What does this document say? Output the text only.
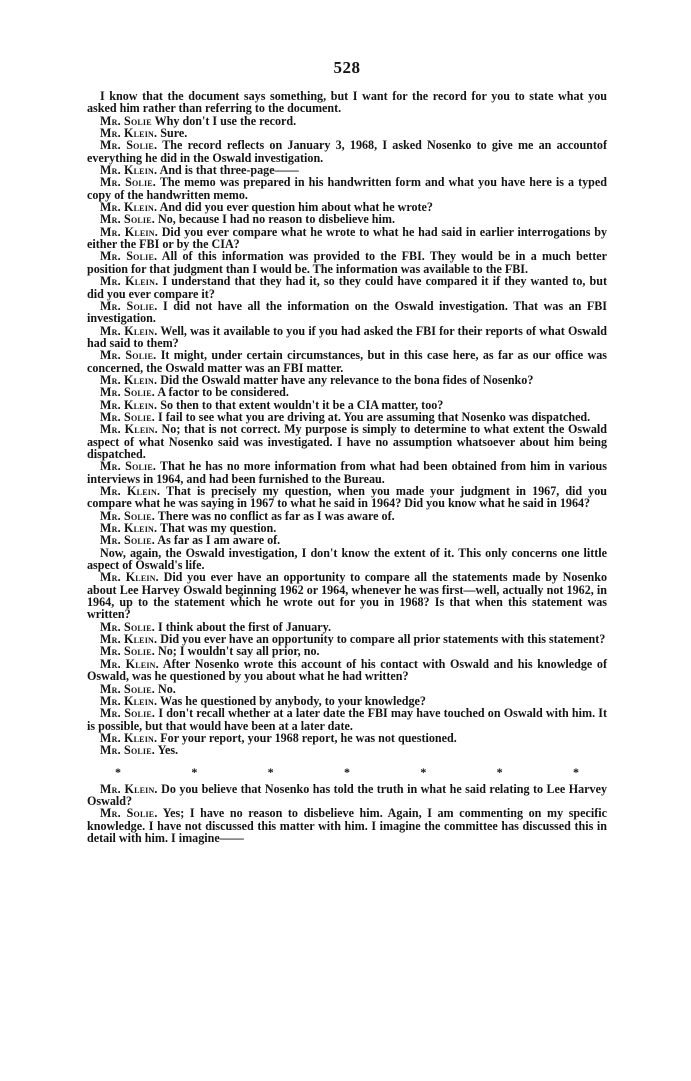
528

I know that the document says something, but I want for the record for you to state what you asked him rather than referring to the document.

Mr. Solie Why don't I use the record.

Mr. Klein. Sure.

Mr. Solie. The record reflects on January 3, 1968, I asked Nosenko to give me an accountof everything he did in the Oswald investigation.

Mr. Klein. And is that three-page——

Mr. Solie. The memo was prepared in his handwritten form and what you have here is a typed copy of the handwritten memo.

Mr. Klein. And did you ever question him about what he wrote?

Mr. Solie. No, because I had no reason to disbelieve him.

Mr. Klein. Did you ever compare what he wrote to what he had said in earlier interrogations by either the FBI or by the CIA?

Mr. Solie. All of this information was provided to the FBI. They would be in a much better position for that judgment than I would be. The information was available to the FBI.

Mr. Klein. I understand that they had it, so they could have compared it if they wanted to, but did you ever compare it?

Mr. Solie. I did not have all the information on the Oswald investigation. That was an FBI investigation.

Mr. Klein. Well, was it available to you if you had asked the FBI for their reports of what Oswald had said to them?

Mr. Solie. It might, under certain circumstances, but in this case here, as far as our office was concerned, the Oswald matter was an FBI matter.

Mr. Klein. Did the Oswald matter have any relevance to the bona fides of Nosenko?

Mr. Solie. A factor to be considered.

Mr. Klein. So then to that extent wouldn't it be a CIA matter, too?

Mr. Solie. I fail to see what you are driving at. You are assuming that Nosenko was dispatched.

Mr. Klein. No; that is not correct. My purpose is simply to determine to what extent the Oswald aspect of what Nosenko said was investigated. I have no assumption whatsoever about him being dispatched.

Mr. Solie. That he has no more information from what had been obtained from him in various interviews in 1964, and had been furnished to the Bureau.

Mr. Klein. That is precisely my question, when you made your judgment in 1967, did you compare what he was saying in 1967 to what he said in 1964? Did you know what he said in 1964?

Mr. Solie. There was no conflict as far as I was aware of.

Mr. Klein. That was my question.

Mr. Solie. As far as I am aware of.

Now, again, the Oswald investigation, I don't know the extent of it. This only concerns one little aspect of Oswald's life.

Mr. Klein. Did you ever have an opportunity to compare all the statements made by Nosenko about Lee Harvey Oswald beginning 1962 or 1964, whenever he was first—well, actually not 1962, in 1964, up to the statement which he wrote out for you in 1968? Is that when this statement was written?

Mr. Solie. I think about the first of January.

Mr. Klein. Did you ever have an opportunity to compare all prior statements with this statement?

Mr. Solie. No; I wouldn't say all prior, no.

Mr. Klein. After Nosenko wrote this account of his contact with Oswald and his knowledge of Oswald, was he questioned by you about what he had written?

Mr. Solie. No.

Mr. Klein. Was he questioned by anybody, to your knowledge?

Mr. Solie. I don't recall whether at a later date the FBI may have touched on Oswald with him. It is possible, but that would have been at a later date.

Mr. Klein. For your report, your 1968 report, he was not questioned.

Mr. Solie. Yes.

*	*	*	*	*	*	*

Mr. Klein. Do you believe that Nosenko has told the truth in what he said relating to Lee Harvey Oswald?

Mr. Solie. Yes; I have no reason to disbelieve him. Again, I am commenting on my specific knowledge. I have not discussed this matter with him. I imagine the committee has discussed this in detail with him. I imagine——
